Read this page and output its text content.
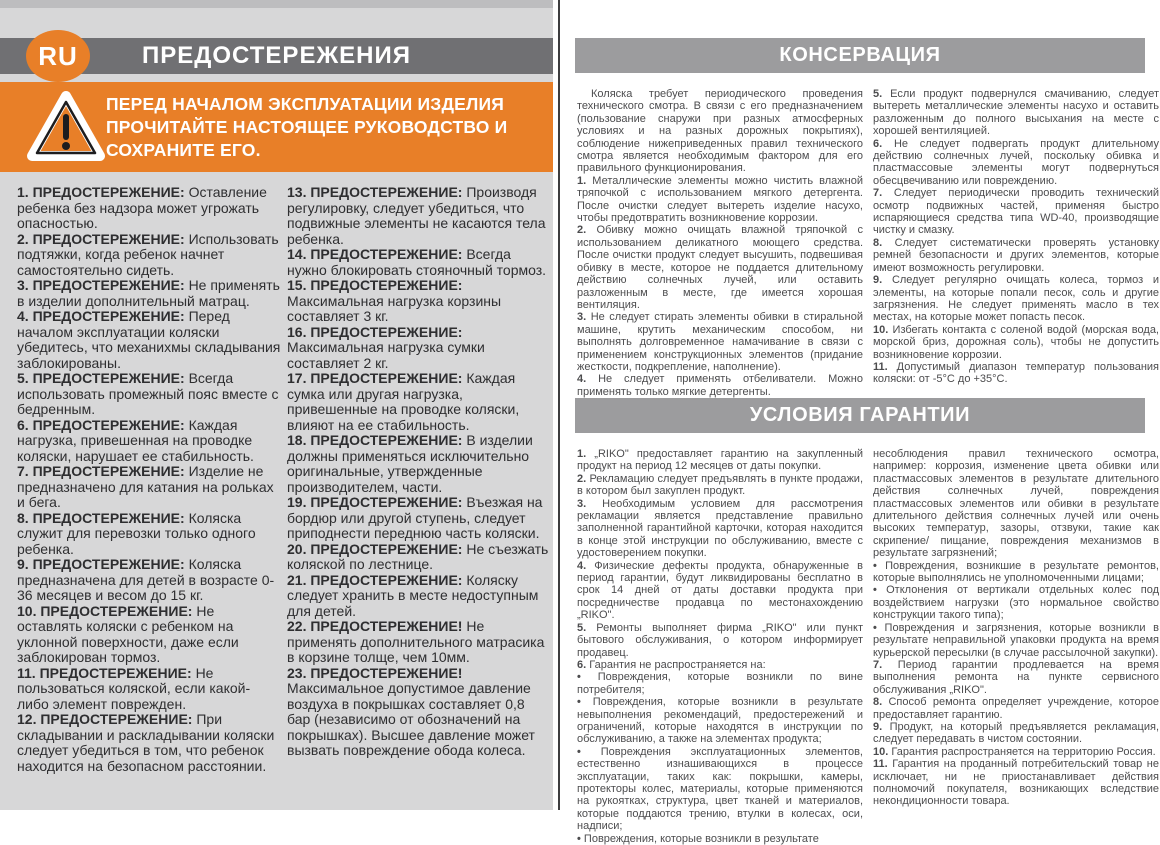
RU	ПРЕДОСТЕРЕЖЕНИЯ
ПЕРЕД НАЧАЛОМ ЭКСПЛУАТАЦИИ ИЗДЕЛИЯ ПРОЧИТАЙТЕ НАСТОЯЩЕЕ РУКОВОДСТВО И СОХРАНИТЕ ЕГО.

1. ПРЕДОСТЕРЕЖЕНИЕ: Оставление ребенка без надзора может угрожать опасностью.

2. ПРЕДОСТЕРЕЖЕНИЕ: Использовать подтяжки, когда ребенок начнет самостоятельно сидеть.

3. ПРЕДОСТЕРЕЖЕНИЕ: Не применять в изделии дополнительный матрац.

4. ПРЕДОСТЕРЕЖЕНИЕ: Перед началом эксплуатации коляски убедитесь, что механихмы складывания заблокированы.

5. ПРЕДОСТЕРЕЖЕНИЕ: Всегда использовать промежный пояс вместе с бедренным.

6. ПРЕДОСТЕРЕЖЕНИЕ: Каждая нагрузка, привешенная на проводке коляски, нарушает ее стабильность.

7. ПРЕДОСТЕРЕЖЕНИЕ: Изделие не предназначено для катания на рольках и бега.

8. ПРЕДОСТЕРЕЖЕНИЕ: Коляска служит для перевозки только одного ребенка.

9. ПРЕДОСТЕРЕЖЕНИЕ: Коляска предназначена для детей в возрасте 0-36 месяцев и весом до 15 кг.

10. ПРЕДОСТЕРЕЖЕНИЕ: Не оставлять коляски с ребенком на уклонной поверхности, даже если заблокирован тормоз.

11. ПРЕДОСТЕРЕЖЕНИЕ: Не пользоваться коляской, если какой-либо элемент поврежден.

12. ПРЕДОСТЕРЕЖЕНИЕ: При складывании и раскладывании коляски следует убедиться в том, что ребенок находится на безопасном расстоянии.

13. ПРЕДОСТЕРЕЖЕНИЕ: Производя регулировку, следует убедиться, что подвижные элементы не касаются тела ребенка.

14. ПРЕДОСТЕРЕЖЕНИЕ: Всегда нужно блокировать стояночный тормоз.

15. ПРЕДОСТЕРЕЖЕНИЕ: Максимальная нагрузка корзины составляет 3 кг.

16. ПРЕДОСТЕРЕЖЕНИЕ: Максимальная нагрузка сумки составляет 2 кг.

17. ПРЕДОСТЕРЕЖЕНИЕ: Каждая сумка или другая нагрузка, привешенные на проводке коляски, влияют на ее стабильность.

18. ПРЕДОСТЕРЕЖЕНИЕ: В изделии должны применяться исключительно оригинальные, утвержденные производителем, части.

19. ПРЕДОСТЕРЕЖЕНИЕ: Въезжая на бордюр или другой ступень, следует приподнести переднюю часть коляски.

20. ПРЕДОСТЕРЕЖЕНИЕ: Не съезжать коляской по лестнице.

21. ПРЕДОСТЕРЕЖЕНИЕ: Коляску следует хранить в месте недоступным для детей.

22. ПРЕДОСТЕРЕЖЕНИЕ! Не применять дополнительного матрасика в корзине толще, чем 10мм.

23. ПРЕДОСТЕРЕЖЕНИЕ! Максимальное допустимое давление воздуха в покрышках составляет 0,8 бар (независимо от обозначений на покрышках). Высшее давление может вызвать повреждение обода колеса.

КОНСЕРВАЦИЯ

Коляска требует периодического проведения технического смотра. В связи с его предназначением (пользование снаружи при разных атмосферных условиях и на разных дорожных покрытиях), соблюдение нижеприведенных правил технического смотра является необходимым фактором для его правильного функционирования.

1. Металлические элементы можно чистить влажной тряпочкой с использованием мягкого детергента. После очистки следует вытереть изделие насухо, чтобы предотвратить возникновение коррозии.

2. Обивку можно очищать влажной тряпочкой с использованием деликатного моющего средства. После очистки продукт следует высушить, подвешивая обивку в месте, которое не поддается длительному действию солнечных лучей, или оставить разложенным в месте, где имеется хорошая вентиляция.

3. Не следует стирать элементы обивки в стиральной машине, крутить механическим способом, ни выполнять долговременное намачивание в связи с применением конструкционных элементов (придание жесткости, подкрепление, наполнение).

4. Не следует применять отбеливатели. Можно применять только мягкие детергенты.

5. Если продукт подвернулся смачиванию, следует вытереть металлические элементы насухо и оставить разложенным до полного высыхания на месте с хорошей вентиляцией.

6. Не следует подвергать продукт длительному действию солнечных лучей, поскольку обивка и пластмассовые элементы могут подвернуться обесцвечиванию или повреждению.

7. Следует периодически проводить технический осмотр подвижных частей, применяя быстро испаряющиеся средства типа WD-40, производящие чистку и смазку.

8. Следует систематически проверять установку ремней безопасности и других элементов, которые имеют возможность регулировки.

9. Следует регулярно очищать колеса, тормоз и элементы, на которые попали песок, соль и другие загрязнения. Не следует применять масло в тех местах, на которые может попасть песок.

10. Избегать контакта с соленой водой (морская вода, морской бриз, дорожная соль), чтобы не допустить возникновение коррозии.

11. Допустимый диапазон температур пользования коляски: от -5°С до +35°С.

УСЛОВИЯ ГАРАНТИИ

1. „RIKO" предоставляет гарантию на закупленный продукт на период 12 месяцев от даты покупки.

2. Рекламацию следует предъявлять в пункте продажи, в котором был закуплен продукт.

3. Необходимым условием для рассмотрения рекламации является представление правильно заполненной гарантийной карточки, которая находится в конце этой инструкции по обслуживанию, вместе с удостоверением покупки.

4. Физические дефекты продукта, обнаруженные в период гарантии, будут ликвидированы бесплатно в срок 14 дней от даты доставки продукта при посредничестве продавца по местонахождению „RIKO".

5. Ремонты выполняет фирма „RIKO" или пункт бытового обслуживания, о котором информирует продавец.

6. Гарантия не распространяется на:

• Повреждения, которые возникли по вине потребителя;

• Повреждения, которые возникли в результате невыполнения рекомендаций, предостережений и ограничений, которые находятся в инструкции по обслуживанию, а также на элементах продукта;

• Повреждения эксплуатационных элементов, естественно изнашивающихся в процессе эксплуатации, таких как: покрышки, камеры, протекторы колес, материалы, которые применяются на рукоятках, структура, цвет тканей и материалов, которые поддаются трению, втулки в колесах, оси, надписи;

• Повреждения, которые возникли в результате

несоблюдения правил технического осмотра, например: коррозия, изменение цвета обивки или пластмассовых элементов в результате длительного действия солнечных лучей, повреждения пластмассовых элементов или обивки в результате длительного действия солнечных лучей или очень высоких температур, зазоры, отзвуки, такие как скрипение/ пищание, повреждения механизмов в результате загрязнений;

• Повреждения, возникшие в результате ремонтов, которые выполнялись не уполномоченными лицами;

• Отклонения от вертикали отдельных колес под воздействием нагрузки (это нормальное свойство конструкции такого типа);

• Повреждения и загрязнения, которые возникли в результате неправильной упаковки продукта на время курьерской пересылки (в случае рассылочной закупки).

7. Период гарантии продлевается на время выполнения ремонта на пункте сервисного обслуживания „RIKO".

8. Способ ремонта определяет учреждение, которое предоставляет гарантию.

9. Продукт, на который предъявляется рекламация, следует передавать в чистом состоянии.

10. Гарантия распространяется на территорию Россия.

11. Гарантия на проданный потребительский товар не исключает, ни не приостанавливает действия полномочий покупателя, возникающих вследствие некондиционности товара.
